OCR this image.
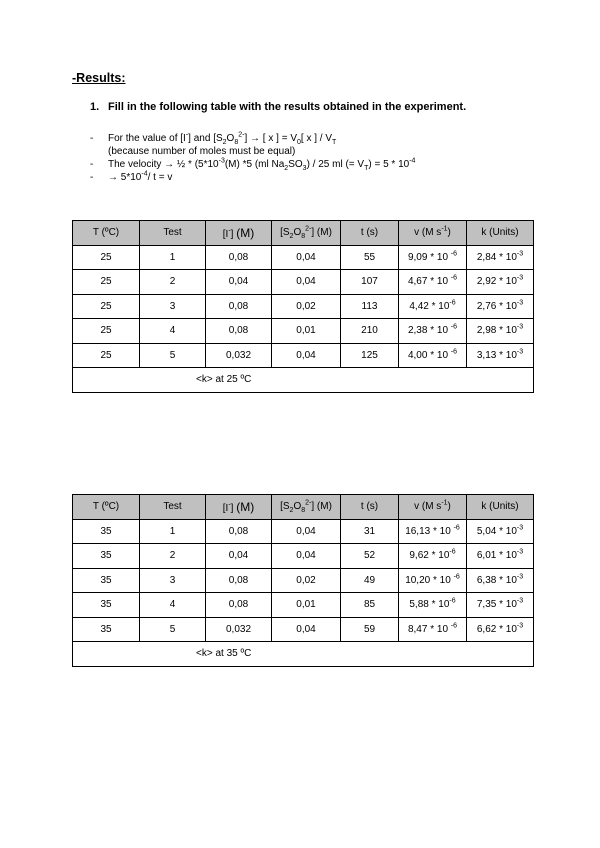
-Results:
1. Fill in the following table with the results obtained in the experiment.
- For the value of [I-] and $[S_2O_8^{2-}]$ → [ x ] = $V_0$[ x ] / $V_T$
(because number of moles must be equal)
- The velocity → ½ * ($5*10^{-3}(M)$ *5 (ml $Na_2SO_3) / 25$ ml (= $V_T) = 5 * 10^{-4}$
- → $5*10^{-4}/$ t = v
T (ºC)	Test	[I-] (M)	$[S_2O_8^{2-}]$ (M)	t (s)	v (M $s^{-1}$)	k (Units)
25	1	0,08	0,04	55	9,09 * 10 $^{-6}$	$2,84 * 10^{-3}$
25	2	0,04	0,04	107	4,67 * 10 $^{-6}$	$2,92 * 10^{-3}$
25	3	0,08	0,02	113	$4,42 * 10^{-6}$	$2,76 * 10^{-3}$
25	4	0,08	0,01	210	2,38 * 10 $^{-6}$	$2,98 * 10^{-3}$
25	5	0,032	0,04	125	4,00 * 10 $^{-6}$	$3,13 * 10^{-3}$
<k> at 25 ºC						
T (ºC)	Test	[I-] (M)	$[S_2O_8^{2-}]$ (M)	t (s)	v (M $s^{-1}$)	k (Units)
35	1	0,08	0,04	31	16,13 * 10 $^{-6}$	$5,04 * 10^{-3}$
35	2	0,04	0,04	52	$9,62 * 10^{-6}$	$6,01 * 10^{-3}$
35	3	0,08	0,02	49	10,20 * 10 $^{-6}$	$6,38 * 10^{-3}$
35	4	0,08	0,01	85	$5,88 * 10^{-6}$	$7,35 * 10^{-3}$
35	5	0,032	0,04	59	8,47 * 10 $^{-6}$	$6,62 * 10^{-3}$
<k> at 35 ºC						
